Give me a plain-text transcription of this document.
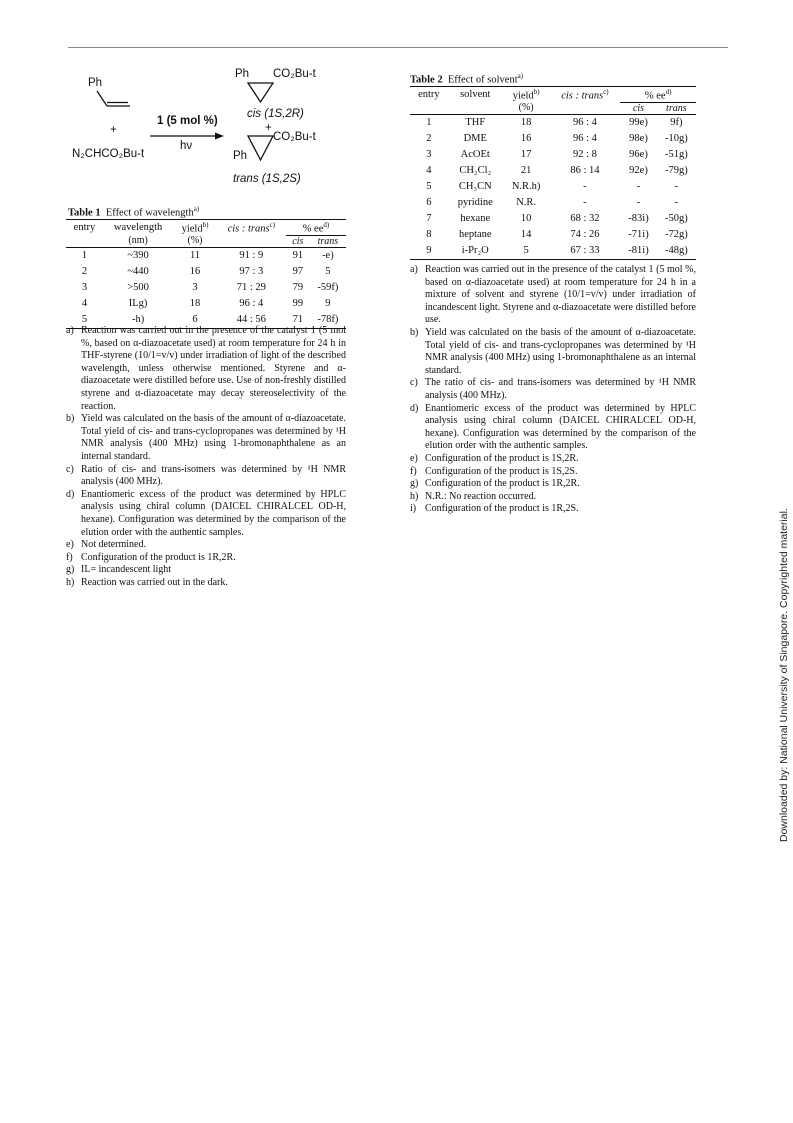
Ph
+
N₂CHCO₂Bu-t
1 (5 mol %)
hν
Ph CO₂Bu-t
cis (1S,2R)
+
Ph
CO₂Bu-t
trans (1S,2S)
Table 1 Effect of wavelength$^{a)}$
entry	wavelength	yield$^{b)}$	cis : trans$^{c)}$	% $ee^{d)}$
	(nm)	(%)		cis	trans
1	~390	11	91 : 9	91	-e)
2	~440	16	97 : 3	97	5
3	>500	3	71 : 29	79	-59f)
4	ILg)	18	96 : 4	99	9
5	-h)	6	44 : 56	71	-78f)
a) Reaction was carried out in the presence of the catalyst 1 (5 mol %, based on α-diazoacetate used) at room temperature for 24 h in THF-styrene (10/1=v/v) under irradiation of light of the described wavelength, unless otherwise mentioned. Styrene and α-diazoacetate were distilled before use. Use of non-freshly distilled styrene and α-diazoacetate may decay stereoselectivity of the reaction.
b) Yield was calculated on the basis of the amount of α-diazoacetate. Total yield of cis- and trans-cyclopropanes was determined by ¹H NMR analysis (400 MHz) using 1-bromonaphthalene as an internal standard.
c) Ratio of cis- and trans-isomers was determined by ¹H NMR analysis (400 MHz).
d) Enantiomeric excess of the product was determined by HPLC analysis using chiral column (DAICEL CHIRALCEL OD-H, hexane). Configuration was determined by the comparison of the elution order with the authentic samples.
e) Not determined.
f) Configuration of the product is 1R,2R.
g) IL= incandescent light
h) Reaction was carried out in the dark.
Table 2 Effect of solvent$^{a)}$
entry	solvent	yield$^{b)}$	cis : trans$^{c)}$	% $ee^{d)}$
		(%)		cis	trans
1	THF	18	96 : 4	99e)	9f)
2	DME	16	96 : 4	98e)	-10g)
3	AcOEt	17	92 : 8	96e)	-51g)
4	CH₂Cl₂	21	86 : 14	92e)	-79g)
5	CH₃CN	N.R.h)	-	-	-
6	pyridine	N.R.	-	-	-
7	hexane	10	68 : 32	-83i)	-50g)
8	heptane	14	74 : 26	-71i)	-72g)
9	i-Pr₂O	5	67 : 33	-81i)	-48g)
a) Reaction was carried out in the presence of the catalyst 1 (5 mol %, based on α-diazoacetate used) at room temperature for 24 h in a mixture of solvent and styrene (10/1=v/v) under irradiation of incandescent light. Styrene and α-diazoacetate were distilled before use.
b) Yield was calculated on the basis of the amount of α-diazoacetate. Total yield of cis- and trans-cyclopropanes was determined by ¹H NMR analysis (400 MHz) using 1-bromonaphthalene as an internal standard.
c) The ratio of cis- and trans-isomers was determined by ¹H NMR analysis (400 MHz).
d) Enantiomeric excess of the product was determined by HPLC analysis using chiral column (DAICEL CHIRALCEL OD-H, hexane). Configuration was determined by the comparison of the elution order with the authentic samples.
e) Configuration of the product is 1S,2R.
f) Configuration of the product is 1S,2S.
g) Configuration of the product is 1R,2R.
h) N.R.: No reaction occurred.
i) Configuration of the product is 1R,2S.	Downloaded by: National University of Singapore. Copyrighted material.
